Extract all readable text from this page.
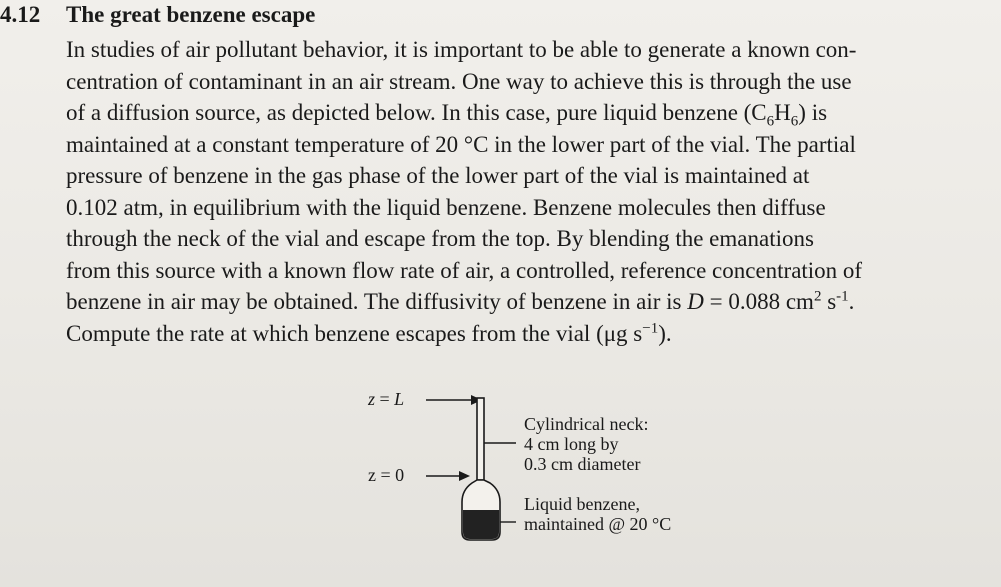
4.12 The great benzene escape
In studies of air pollutant behavior, it is important to be able to generate a known con-
centration of contaminant in an air stream. One way to achieve this is through the use
of a diffusion source, as depicted below. In this case, pure liquid benzene $(C_6H_6)$ is
maintained at a constant temperature of 20 °C in the lower part of the vial. The partial
pressure of benzene in the gas phase of the lower part of the vial is maintained at
0.102 atm, in equilibrium with the liquid benzene. Benzene molecules then diffuse
through the neck of the vial and escape from the top. By blending the emanations
from this source with a known flow rate of air, a controlled, reference concentration of
benzene in air may be obtained. The diffusivity of benzene in air is D = 0.088 $cm^2$ $s^{-1}$.
Compute the rate at which benzene escapes from the vial (μg $s^{-1}$).
z = L
z = 0
Cylindrical neck:
4 cm long by
0.3 cm diameter
Liquid benzene,
maintained @ 20 °C
